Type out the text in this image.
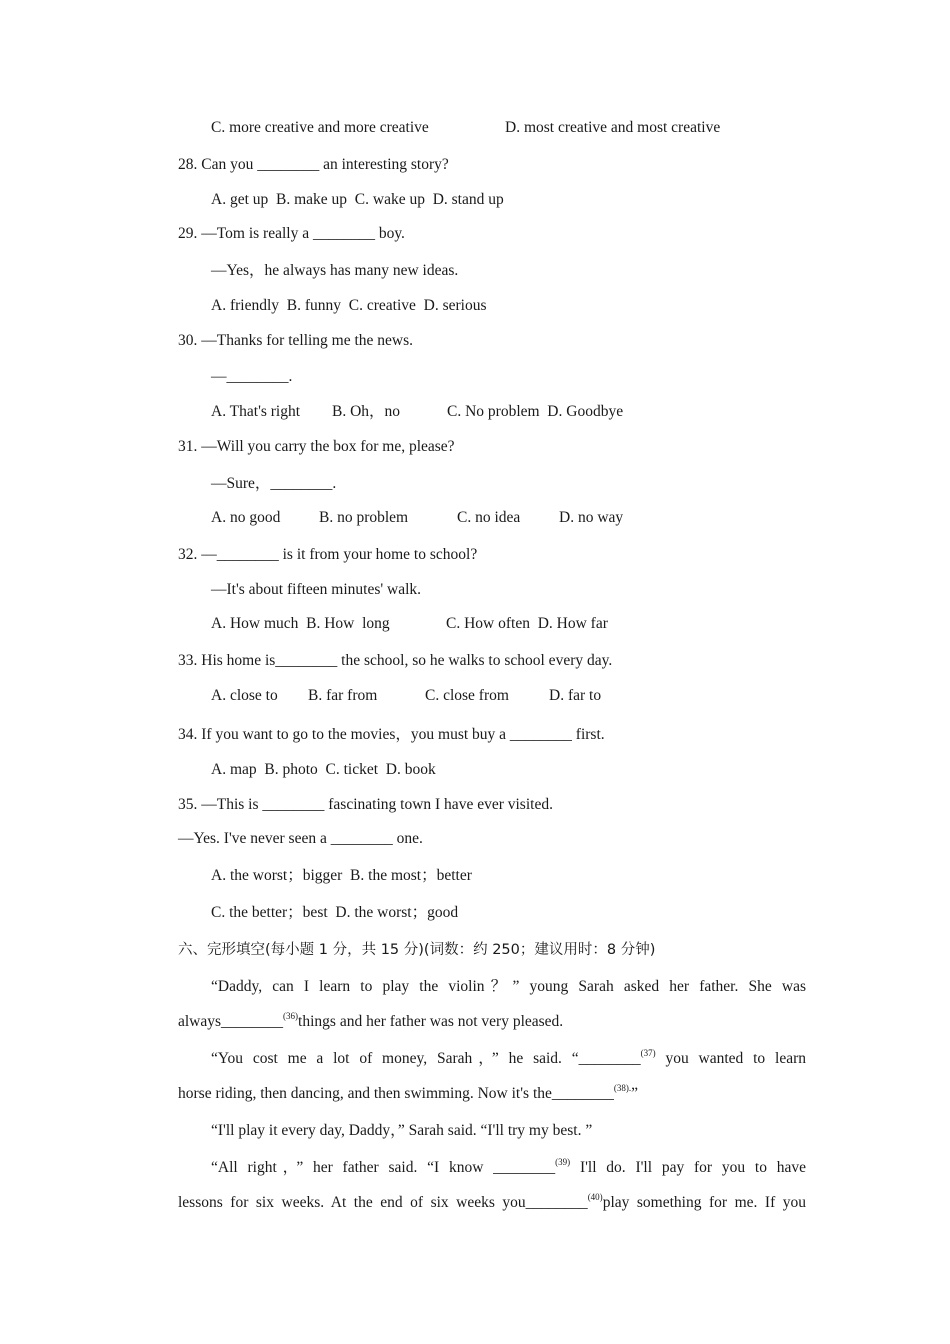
C. more creative and more creative	D. most creative and most creative
28. Can you ________ an interesting story?
A. get up  B. make up  C. wake up  D. stand up
29. —Tom is really a ________ boy.
—Yes，he always has many new ideas.
A. friendly  B. funny  C. creative  D. serious
30. —Thanks for telling me the news.
—________.
A. That's right B. Oh，no	C. No problem  D. Goodbye
31. —Will you carry the box for me, please?
—Sure，________.
A. no good B. no problem	C. no idea D. no way
32. —________ is it from your home to school?
—It's about fifteen minutes' walk.
A. How much  B. How  long	C. How often  D. How far
33. His home is________ the school, so he walks to school every day.
A. close to B. far from	C. close from	D. far to
34. If you want to go to the movies，you must buy a ________ first.
A. map  B. photo  C. ticket  D. book
35. —This is ________ fascinating town I have ever visited.
—Yes. I've never seen a ________ one.
A. the worst；bigger  B. the most；better
C. the better；best  D. the worst；good
六、完形填空(每小题 1 分，共 15 分)(词数：约 250；建议用时：8 分钟)
“Daddy, can I learn to play the violin？” young Sarah asked her father. She was
always________$^{(36)}$things and her father was not very pleased.
“You cost me a lot of money, Sarah，” he said. “________$^{(37)}$ you wanted to learn
horse riding, then dancing, and then swimming. Now it's the________$^{(38).}$”
“I'll play it every day, Daddy，” Sarah said. “I'll try my best. ”
“All right，” her father said. “I know ________$^{(39)}$ I'll do. I'll pay for you to have
lessons for six weeks. At the end of six weeks you________$^{(40)}$play something for me. If you
